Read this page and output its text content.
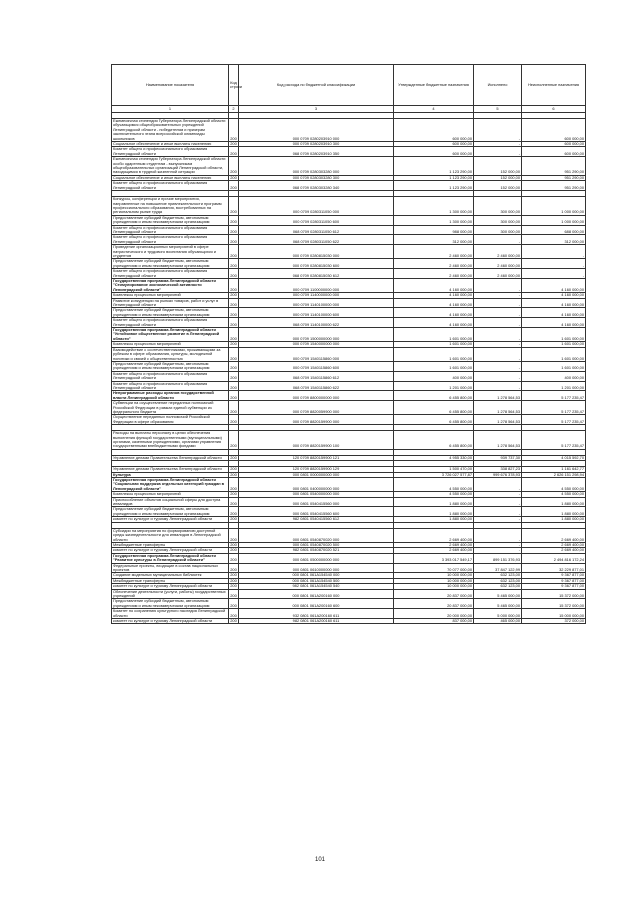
Наименование показателя	Код строки	Код расхода по бюджетной классификации	Утвержденные бюджетные назначения	Исполнено	Неисполненные назначения
1	2	3	4	5	6

Ежемесячная стипендия Губернатора Ленинградской области обучающимся общеобразовательных учреждений Ленинградской области - победителям и призерам заключительного этапа всероссийской олимпиады школьников	200	000 0709 0280203910 000	600 000,00	-	600 000,00
Социальное обеспечение и иные выплаты населению	200	000 0709 0280203910 300	600 000,00	-	600 000,00
Комитет общего и профессионального образования Ленинградской области	200	068 0709 0280203910 350	600 000,00	-	600 000,00
Ежемесячная стипендия Губернатора Ленинградской области особо одаренным студентам - выпускникам общеобразовательных организаций Ленинградской области, находящимся в трудной жизненной ситуации	200	000 0709 0280303280 000	1 123 290,00	152 000,00	951 290,00
Социальное обеспечение и иные выплаты населению	200	000 0709 0280303280 300	1 123 290,00	152 000,00	951 290,00
Комитет общего и профессионального образования Ленинградской области	200	068 0709 0280303280 340	1 123 290,00	152 000,00	951 290,00

Конкурсы, конференции и прочие мероприятия, направленные на повышение привлекательности программ профессионального образования, востребованных на региональном рынке труда	200	000 0709 0280311050 000	1 300 000,00	300 000,00	1 000 000,00
Предоставление субсидий бюджетным, автономным учреждениям и иным некоммерческим организациям	200	000 0709 0280311050 600	1 300 000,00	300 000,00	1 000 000,00
Комитет общего и профессионального образования Ленинградской области	200	068 0709 0280311050 612	988 000,00	300 000,00	688 000,00
Комитет общего и профессионального образования Ленинградской области	200	068 0709 0280311050 622	312 000,00	-	312 000,00
Проведение организационных мероприятий в сфере патриотического и трудового воспитания обучающихся и студентов	200	000 0709 0280815030 000	2 460 000,00	2 460 000,00	-
Предоставление субсидий бюджетным, автономным учреждениям и иным некоммерческим организациям	200	000 0709 0280815030 600	2 460 000,00	2 460 000,00	-
Комитет общего и профессионального образования Ленинградской области	200	068 0709 0280815030 612	2 460 000,00	2 460 000,00	-
Государственная программа Ленинградской области "Стимулирование экономической активности Ленинградской области"	200	000 0709 1100000000 000	4 160 000,00	-	4 160 000,00
Комплексы процессных мероприятий	200	000 0709 1140000000 000	4 160 000,00	-	4 160 000,00
Развитие конкуренции на рынках товаров, работ и услуг в Ленинградской области	200	000 0709 1140100000 000	4 160 000,00	-	4 160 000,00
Предоставление субсидий бюджетным, автономным учреждениям и иным некоммерческим организациям	200	000 0709 1140100000 600	4 160 000,00	-	4 160 000,00
Комитет общего и профессионального образования Ленинградской области	200	068 0709 1140100000 622	4 160 000,00	-	4 160 000,00
Государственная программа Ленинградской области "Устойчивое общественное развитие в Ленинградской области"	200	000 0709 1500000000 000	1 601 000,00	-	1 601 000,00
Комплексы процессных мероприятий	200	000 0709 1540000000 000	1 601 000,00	-	1 601 000,00
Взаимодействие с соотечественниками, проживающими за рубежом в сфере образования, культуры, молодежной политики и связей с общественностью	200	000 0709 1540115860 000	1 601 000,00	-	1 601 000,00
Предоставление субсидий бюджетным, автономным учреждениям и иным некоммерческим организациям	200	000 0709 1540115860 600	1 601 000,00	-	1 601 000,00
Комитет общего и профессионального образования Ленинградской области	200	068 0709 1540115860 612	400 000,00	-	400 000,00
Комитет общего и профессионального образования Ленинградской области	200	068 0709 1540115860 622	1 201 000,00	-	1 201 000,00
Непрограммные расходы органов государственной власти Ленинградской области	200	000 0709 8800000000 000	6 455 800,00	1 278 564,53	5 177 235,47
Субвенции на осуществление переданных полномочий Российской Федерации в рамках единой субвенции из федерального бюджета	200	000 0709 8820059900 000	6 455 800,00	1 278 564,53	5 177 235,47
Осуществление переданных полномочий Российской Федерации в сфере образования	200	000 0709 8820159900 000	6 455 800,00	1 278 564,53	5 177 235,47

Расходы на выплаты персоналу в целях обеспечения выполнения функций государственными (муниципальными) органами, казенными учреждениями, органами управления государственными внебюджетными фондами	200	000 0709 8820159900 100	6 455 800,00	1 278 564,53	5 177 235,47

Управление делами Правительства Ленинградской области	200	120 0709 8820159900 121	4 955 330,00	939 737,30	4 015 592,70

Управление делами Правительства Ленинградской области	200	120 0709 8820159900 129	1 500 470,00	338 827,23	1 161 642,77
Культура	200	000 0801 0000000000 000	3 726 027 577,87	999 676 378,93	2 626 151 298,94
Государственная программа Ленинградской области "Социальная поддержка отдельных категорий граждан в Ленинградской области"	200	000 0801 0400000000 000	4 550 000,00	-	4 550 000,00
Комплексы процессных мероприятий	200	000 0801 0540000000 000	4 550 000,00	-	4 550 000,00
Приспособление объектов социальной сферы для доступа инвалидов	200	000 0801 0540415560 000	1 880 000,00	-	1 880 000,00
Предоставление субсидий бюджетным, автономным учреждениям и иным некоммерческим организациям	200	000 0801 0540415560 600	1 880 000,00	-	1 880 000,00
комитет по культуре и туризму Ленинградской области	200	982 0801 0540415560 612	1 880 000,00	-	1 880 000,00

Субсидии на мероприятия по формированию доступной среды жизнедеятельности для инвалидов в Ленинградской области	200	000 0801 0540870020 000	2 669 400,00	-	2 669 400,00
Межбюджетные трансферты	200	000 0801 0540870020 500	2 669 400,00	-	2 669 400,00
комитет по культуре и туризму Ленинградской области	200	982 0801 0540870020 521	2 669 400,00	-	2 669 400,00
Государственная программа Ленинградской области "Развитие культуры в Ленинградской области"	200	000 0801 0500000000 000	3 393 017 549,17	899 151 376,93	2 494 816 172,24
Федеральные проекты, входящие в состав национальных проектов	200	000 0801 0610000000 000	70 077 000,00	37 847 122,99	32 229 877,01
Создание модельных муниципальных библиотек	200	000 0801 061A154540 000	10 000 000,00	632 123,00	9 367 877,00
Межбюджетные трансферты	200	000 0801 061A154540 500	10 000 000,00	632 123,00	9 367 877,00
комитет по культуре и туризму Ленинградской области	200	982 0801 061A154540 540	10 000 000,00	632 123,00	9 367 877,00
Обеспечение деятельности (услуги, работы) государственных учреждений	200	000 0801 061A200160 000	20 837 000,00	5 465 000,00	15 372 000,00
Предоставление субсидий бюджетным, автономным учреждениям и иным некоммерческим организациям	200	000 0801 061A200160 600	20 837 000,00	5 465 000,00	15 372 000,00
Комитет по сохранению культурного наследия Ленинградской области	200	932 0801 061A200160 611	20 000 000,00	5 000 000,00	15 000 000,00
комитет по культуре и туризму Ленинградской области	200	982 0801 061A200160 611	837 000,00	465 000,00	372 000,00
101
